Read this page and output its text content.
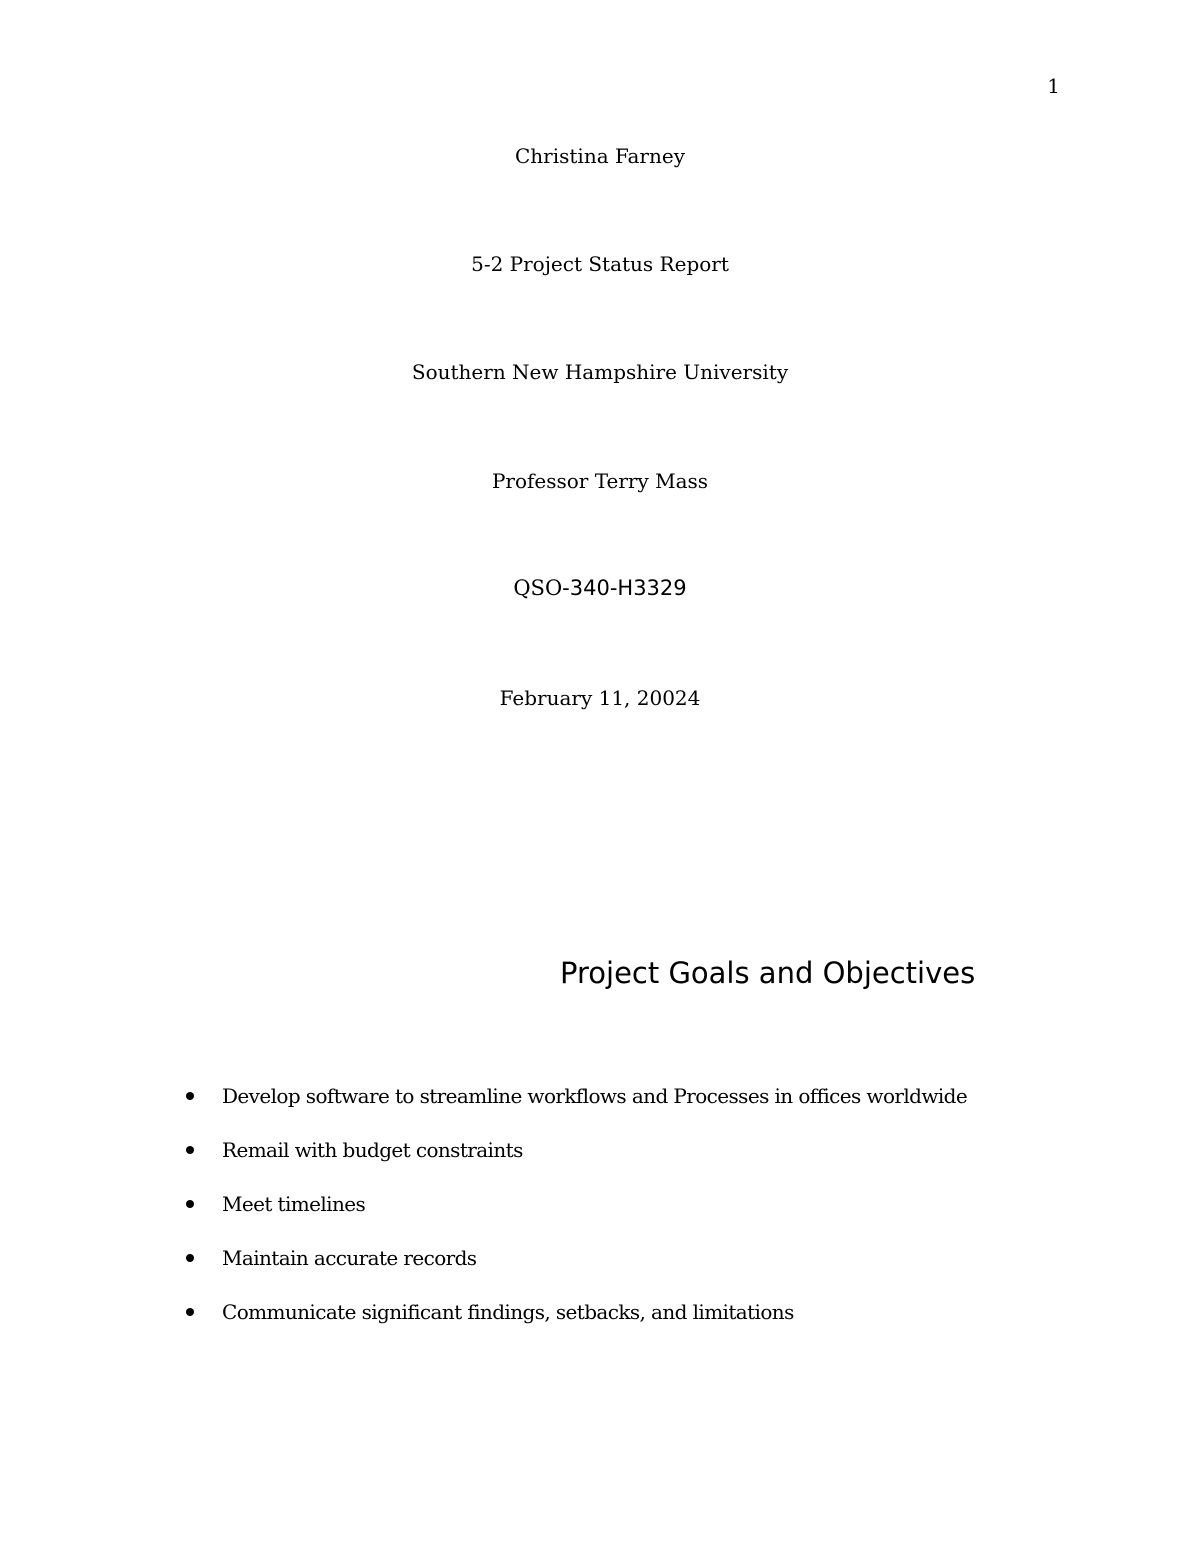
1
Christina Farney
5-2 Project Status Report
Southern New Hampshire University
Professor Terry Mass
QSO-340-H3329
February 11, 20024
Project Goals and Objectives
Develop software to streamline workflows and Processes in offices worldwide
Remail with budget constraints
Meet timelines
Maintain accurate records
Communicate significant findings, setbacks, and limitations
